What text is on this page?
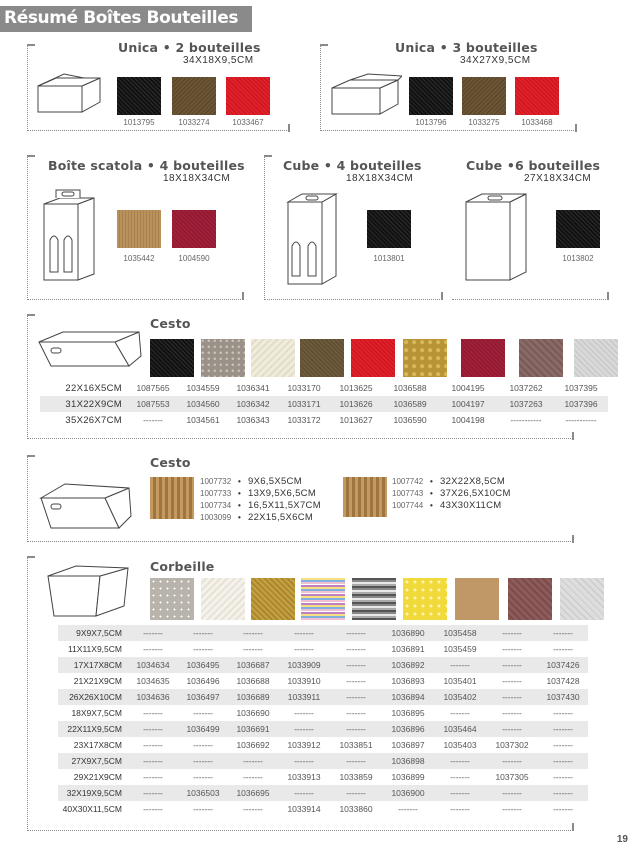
Résumé Boîtes Bouteilles
Unica • 2 bouteilles
34X18X9,5CM
1013795	1033274	1033467
Unica • 3 bouteilles
34X27X9,5CM
1013796	1033275	1033468
Boîte scatola • 4 bouteilles
18X18X34CM
1035442	1004590
Cube • 4 bouteilles
18X18X34CM
1013801
Cube •6 bouteilles
27X18X34CM
1013802
Cesto
22X16X5CM	1087565	1034559	1036341	1033170	1013625	1036588	1004195	1037262	1037395
31X22X9CM	1087553	1034560	1036342	1033171	1013626	1036589	1004197	1037263	1037396
35X26X7CM	-------	1034561	1036343	1033172	1013627	1036590	1004198	-----------	-----------
Cesto
1007732 • 9X6,5X5CM
1007733 • 13X9,5X6,5CM
1007734 • 16,5X11,5X7CM
1003099 • 22X15,5X6CM
1007742 • 32X22X8,5CM
1007743 • 37X26,5X10CM
1007744 • 43X30X11CM
Corbeille
9X9X7,5CM	-------	-------	-------	-------	-------	1036890	1035458	-------	-------
11X11X9,5CM	-------	-------	-------	-------	-------	1036891	1035459	-------	-------
17X17X8CM	1034634	1036495	1036687	1033909	-------	1036892	-------	-------	1037426
21X21X9CM	1034635	1036496	1036688	1033910	-------	1036893	1035401	-------	1037428
26X26X10CM	1034636	1036497	1036689	1033911	-------	1036894	1035402	-------	1037430
18X9X7,5CM	-------	-------	1036690	-------	-------	1036895	-------	-------	-------
22X11X9,5CM	-------	1036499	1036691	-------	-------	1036896	1035464	-------	-------
23X17X8CM	-------	-------	1036692	1033912	1033851	1036897	1035403	1037302	-------
27X9X7,5CM	-------	-------	-------	-------	-------	1036898	-------	-------	-------
29X21X9CM	-------	-------	-------	1033913	1033859	1036899	-------	1037305	-------
32X19X9,5CM	-------	1036503	1036695	-------	-------	1036900	-------	-------	-------
40X30X11,5CM	-------	-------	-------	1033914	1033860	-------	-------	-------	-------
19
